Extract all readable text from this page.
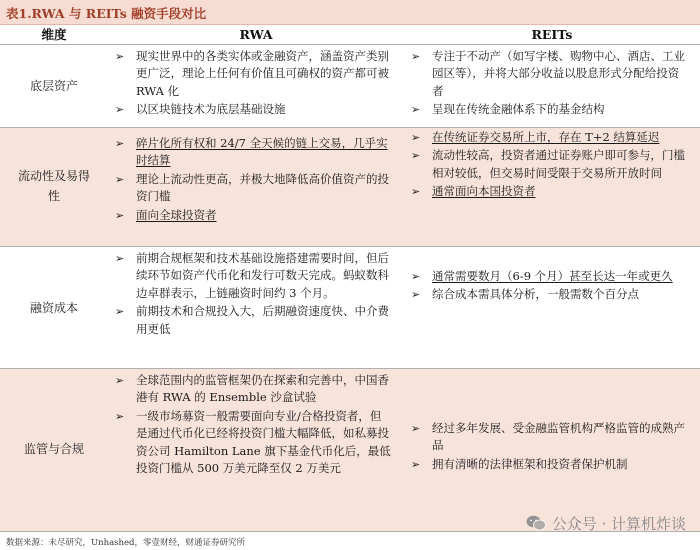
表1.RWA 与 REITs 融资手段对比
维度	RWA	REITs
底层资产
➢ 现实世界中的各类实体或金融资产，涵盖资产类别更广泛，理论上任何有价值且可确权的资产都可被 RWA 化
➢ 以区块链技术为底层基础设施
➢ 专注于不动产（如写字楼、购物中心、酒店、工业园区等），并将大部分收益以股息形式分配给投资者
➢ 呈现在传统金融体系下的基金结构
流动性及易得性
➢ 碎片化所有权和 24/7 全天候的链上交易，几乎实时结算
➢ 理论上流动性更高，并极大地降低高价值资产的投资门槛
➢ 面向全球投资者
➢ 在传统证券交易所上市，存在 T+2 结算延迟
➢ 流动性较高，投资者通过证券账户即可参与，门槛相对较低，但交易时间受限于交易所开放时间
➢ 通常面向本国投资者
融资成本
➢ 前期合规框架和技术基础设施搭建需要时间，但后续环节如资产代币化和发行可数天完成。蚂蚁数科边卓群表示，上链融资时间约 3 个月。
➢ 前期技术和合规投入大，后期融资速度快、中介费用更低
➢ 通常需要数月（6-9 个月）甚至长达一年或更久
➢ 综合成本需具体分析，一般需数个百分点
监管与合规
➢ 全球范围内的监管框架仍在探索和完善中，中国香港有 RWA 的 Ensemble 沙盒试验
➢ 一级市场募资一般需要面向专业/合格投资者，但是通过代币化已经将投资门槛大幅降低，如私募投资公司 Hamilton Lane 旗下基金代币化后，最低投资门槛从 500 万美元降至仅 2 万美元
➢ 经过多年发展、受金融监管机构严格监管的成熟产品
➢ 拥有清晰的法律框架和投资者保护机制
公众号 · 计算机炸谈
数据来源：未尽研究，Unhashed，零壹财经，财通证券研究所
